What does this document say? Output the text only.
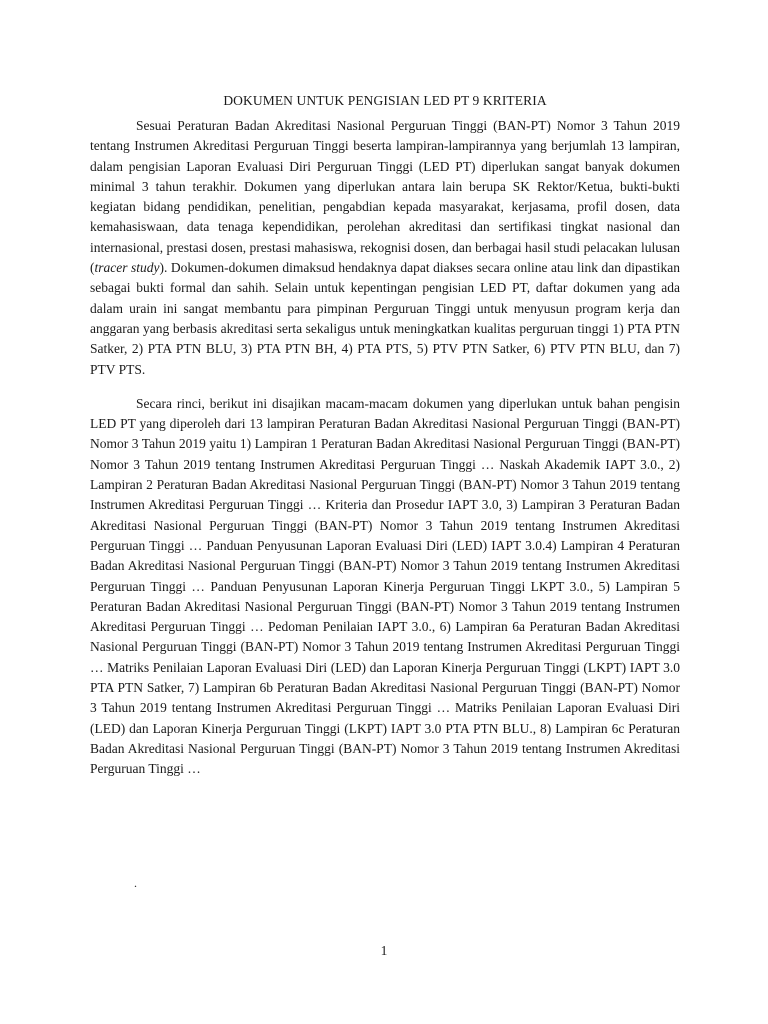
DOKUMEN UNTUK PENGISIAN LED PT 9 KRITERIA

Sesuai Peraturan Badan Akreditasi Nasional Perguruan Tinggi (BAN-PT) Nomor 3 Tahun 2019 tentang Instrumen Akreditasi Perguruan Tinggi beserta lampiran-lampirannya yang berjumlah 13 lampiran, dalam pengisian Laporan Evaluasi Diri Perguruan Tinggi (LED PT) diperlukan sangat banyak dokumen minimal 3 tahun terakhir. Dokumen yang diperlukan antara lain berupa SK Rektor/Ketua, bukti-bukti kegiatan bidang pendidikan, penelitian, pengabdian kepada masyarakat, kerjasama, profil dosen, data kemahasiswaan, data tenaga kependidikan, perolehan akreditasi dan sertifikasi tingkat nasional dan internasional, prestasi dosen, prestasi mahasiswa, rekognisi dosen, dan berbagai hasil studi pelacakan lulusan (tracer study). Dokumen-dokumen dimaksud hendaknya dapat diakses secara online atau link dan dipastikan sebagai bukti formal dan sahih. Selain untuk kepentingan pengisian LED PT, daftar dokumen yang ada dalam urain ini sangat membantu para pimpinan Perguruan Tinggi untuk menyusun program kerja dan anggaran yang berbasis akreditasi serta sekaligus untuk meningkatkan kualitas perguruan tinggi 1) PTA PTN Satker, 2) PTA PTN BLU, 3) PTA PTN BH, 4) PTA PTS, 5) PTV PTN Satker, 6) PTV PTN BLU, dan 7) PTV PTS.

Secara rinci, berikut ini disajikan macam-macam dokumen yang diperlukan untuk bahan pengisin LED PT yang diperoleh dari 13 lampiran Peraturan Badan Akreditasi Nasional Perguruan Tinggi (BAN-PT) Nomor 3 Tahun 2019 yaitu 1) Lampiran 1 Peraturan Badan Akreditasi Nasional Perguruan Tinggi (BAN-PT) Nomor 3 Tahun 2019 tentang Instrumen Akreditasi Perguruan Tinggi … Naskah Akademik IAPT 3.0., 2) Lampiran 2 Peraturan Badan Akreditasi Nasional Perguruan Tinggi (BAN-PT) Nomor 3 Tahun 2019 tentang Instrumen Akreditasi Perguruan Tinggi … Kriteria dan Prosedur IAPT 3.0, 3) Lampiran 3 Peraturan Badan Akreditasi Nasional Perguruan Tinggi (BAN-PT) Nomor 3 Tahun 2019 tentang Instrumen Akreditasi Perguruan Tinggi … Panduan Penyusunan Laporan Evaluasi Diri (LED) IAPT 3.0.4) Lampiran 4 Peraturan Badan Akreditasi Nasional Perguruan Tinggi (BAN-PT) Nomor 3 Tahun 2019 tentang Instrumen Akreditasi Perguruan Tinggi … Panduan Penyusunan Laporan Kinerja Perguruan Tinggi LKPT 3.0., 5) Lampiran 5 Peraturan Badan Akreditasi Nasional Perguruan Tinggi (BAN-PT) Nomor 3 Tahun 2019 tentang Instrumen Akreditasi Perguruan Tinggi … Pedoman Penilaian IAPT 3.0., 6) Lampiran 6a Peraturan Badan Akreditasi Nasional Perguruan Tinggi (BAN-PT) Nomor 3 Tahun 2019 tentang Instrumen Akreditasi Perguruan Tinggi … Matriks Penilaian Laporan Evaluasi Diri (LED) dan Laporan Kinerja Perguruan Tinggi (LKPT) IAPT 3.0 PTA PTN Satker, 7) Lampiran 6b Peraturan Badan Akreditasi Nasional Perguruan Tinggi (BAN-PT) Nomor 3 Tahun 2019 tentang Instrumen Akreditasi Perguruan Tinggi … Matriks Penilaian Laporan Evaluasi Diri (LED) dan Laporan Kinerja Perguruan Tinggi (LKPT) IAPT 3.0 PTA PTN BLU., 8) Lampiran 6c Peraturan Badan Akreditasi Nasional Perguruan Tinggi (BAN-PT) Nomor 3 Tahun 2019 tentang Instrumen Akreditasi Perguruan Tinggi …

.
1
